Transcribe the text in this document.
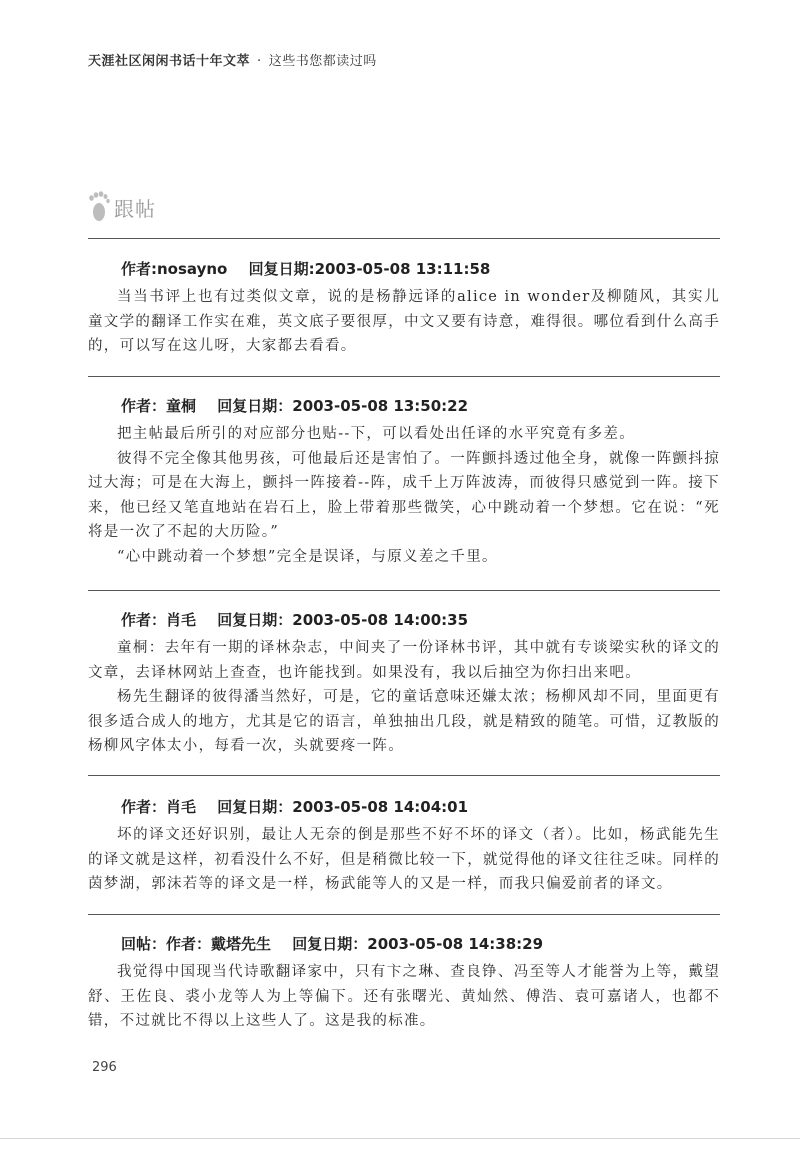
天涯社区闲闲书话十年文萃 · 这些书您都读过吗
跟帖
作者:nosayno 回复日期:2003-05-08 13:11:58

当当书评上也有过类似文章，说的是杨静远译的alice in wonder及柳随风，其实儿童文学的翻译工作实在难，英文底子要很厚，中文又要有诗意，难得很。哪位看到什么高手的，可以写在这儿呀，大家都去看看。

作者：童桐 回复日期：2003-05-08 13:50:22

把主帖最后所引的对应部分也贴--下，可以看处出任译的水平究竟有多差。

彼得不完全像其他男孩，可他最后还是害怕了。一阵颤抖透过他全身，就像一阵颤抖掠过大海；可是在大海上，颤抖一阵接着--阵，成千上万阵波涛，而彼得只感觉到一阵。接下来，他已经又笔直地站在岩石上，脸上带着那些微笑，心中跳动着一个梦想。它在说：“死将是一次了不起的大历险。”

“心中跳动着一个梦想”完全是误译，与原义差之千里。

作者：肖毛 回复日期：2003-05-08 14:00:35

童桐：去年有一期的译林杂志，中间夹了一份译林书评，其中就有专谈梁实秋的译文的文章，去译林网站上查查，也许能找到。如果没有，我以后抽空为你扫出来吧。

杨先生翻译的彼得潘当然好，可是，它的童话意味还嫌太浓；杨柳风却不同，里面更有很多适合成人的地方，尤其是它的语言，单独抽出几段，就是精致的随笔。可惜，辽教版的杨柳风字体太小，每看一次，头就要疼一阵。

作者：肖毛 回复日期：2003-05-08 14:04:01

坏的译文还好识别，最让人无奈的倒是那些不好不坏的译文（者）。比如，杨武能先生的译文就是这样，初看没什么不好，但是稍微比较一下，就觉得他的译文往往乏味。同样的茵梦湖，郭沫若等的译文是一样，杨武能等人的又是一样，而我只偏爱前者的译文。

回帖：作者：戴塔先生 回复日期：2003-05-08 14:38:29

我觉得中国现当代诗歌翻译家中，只有卞之琳、查良铮、冯至等人才能誉为上等，戴望舒、王佐良、裘小龙等人为上等偏下。还有张曙光、黄灿然、傅浩、袁可嘉诸人，也都不错，不过就比不得以上这些人了。这是我的标准。

296
